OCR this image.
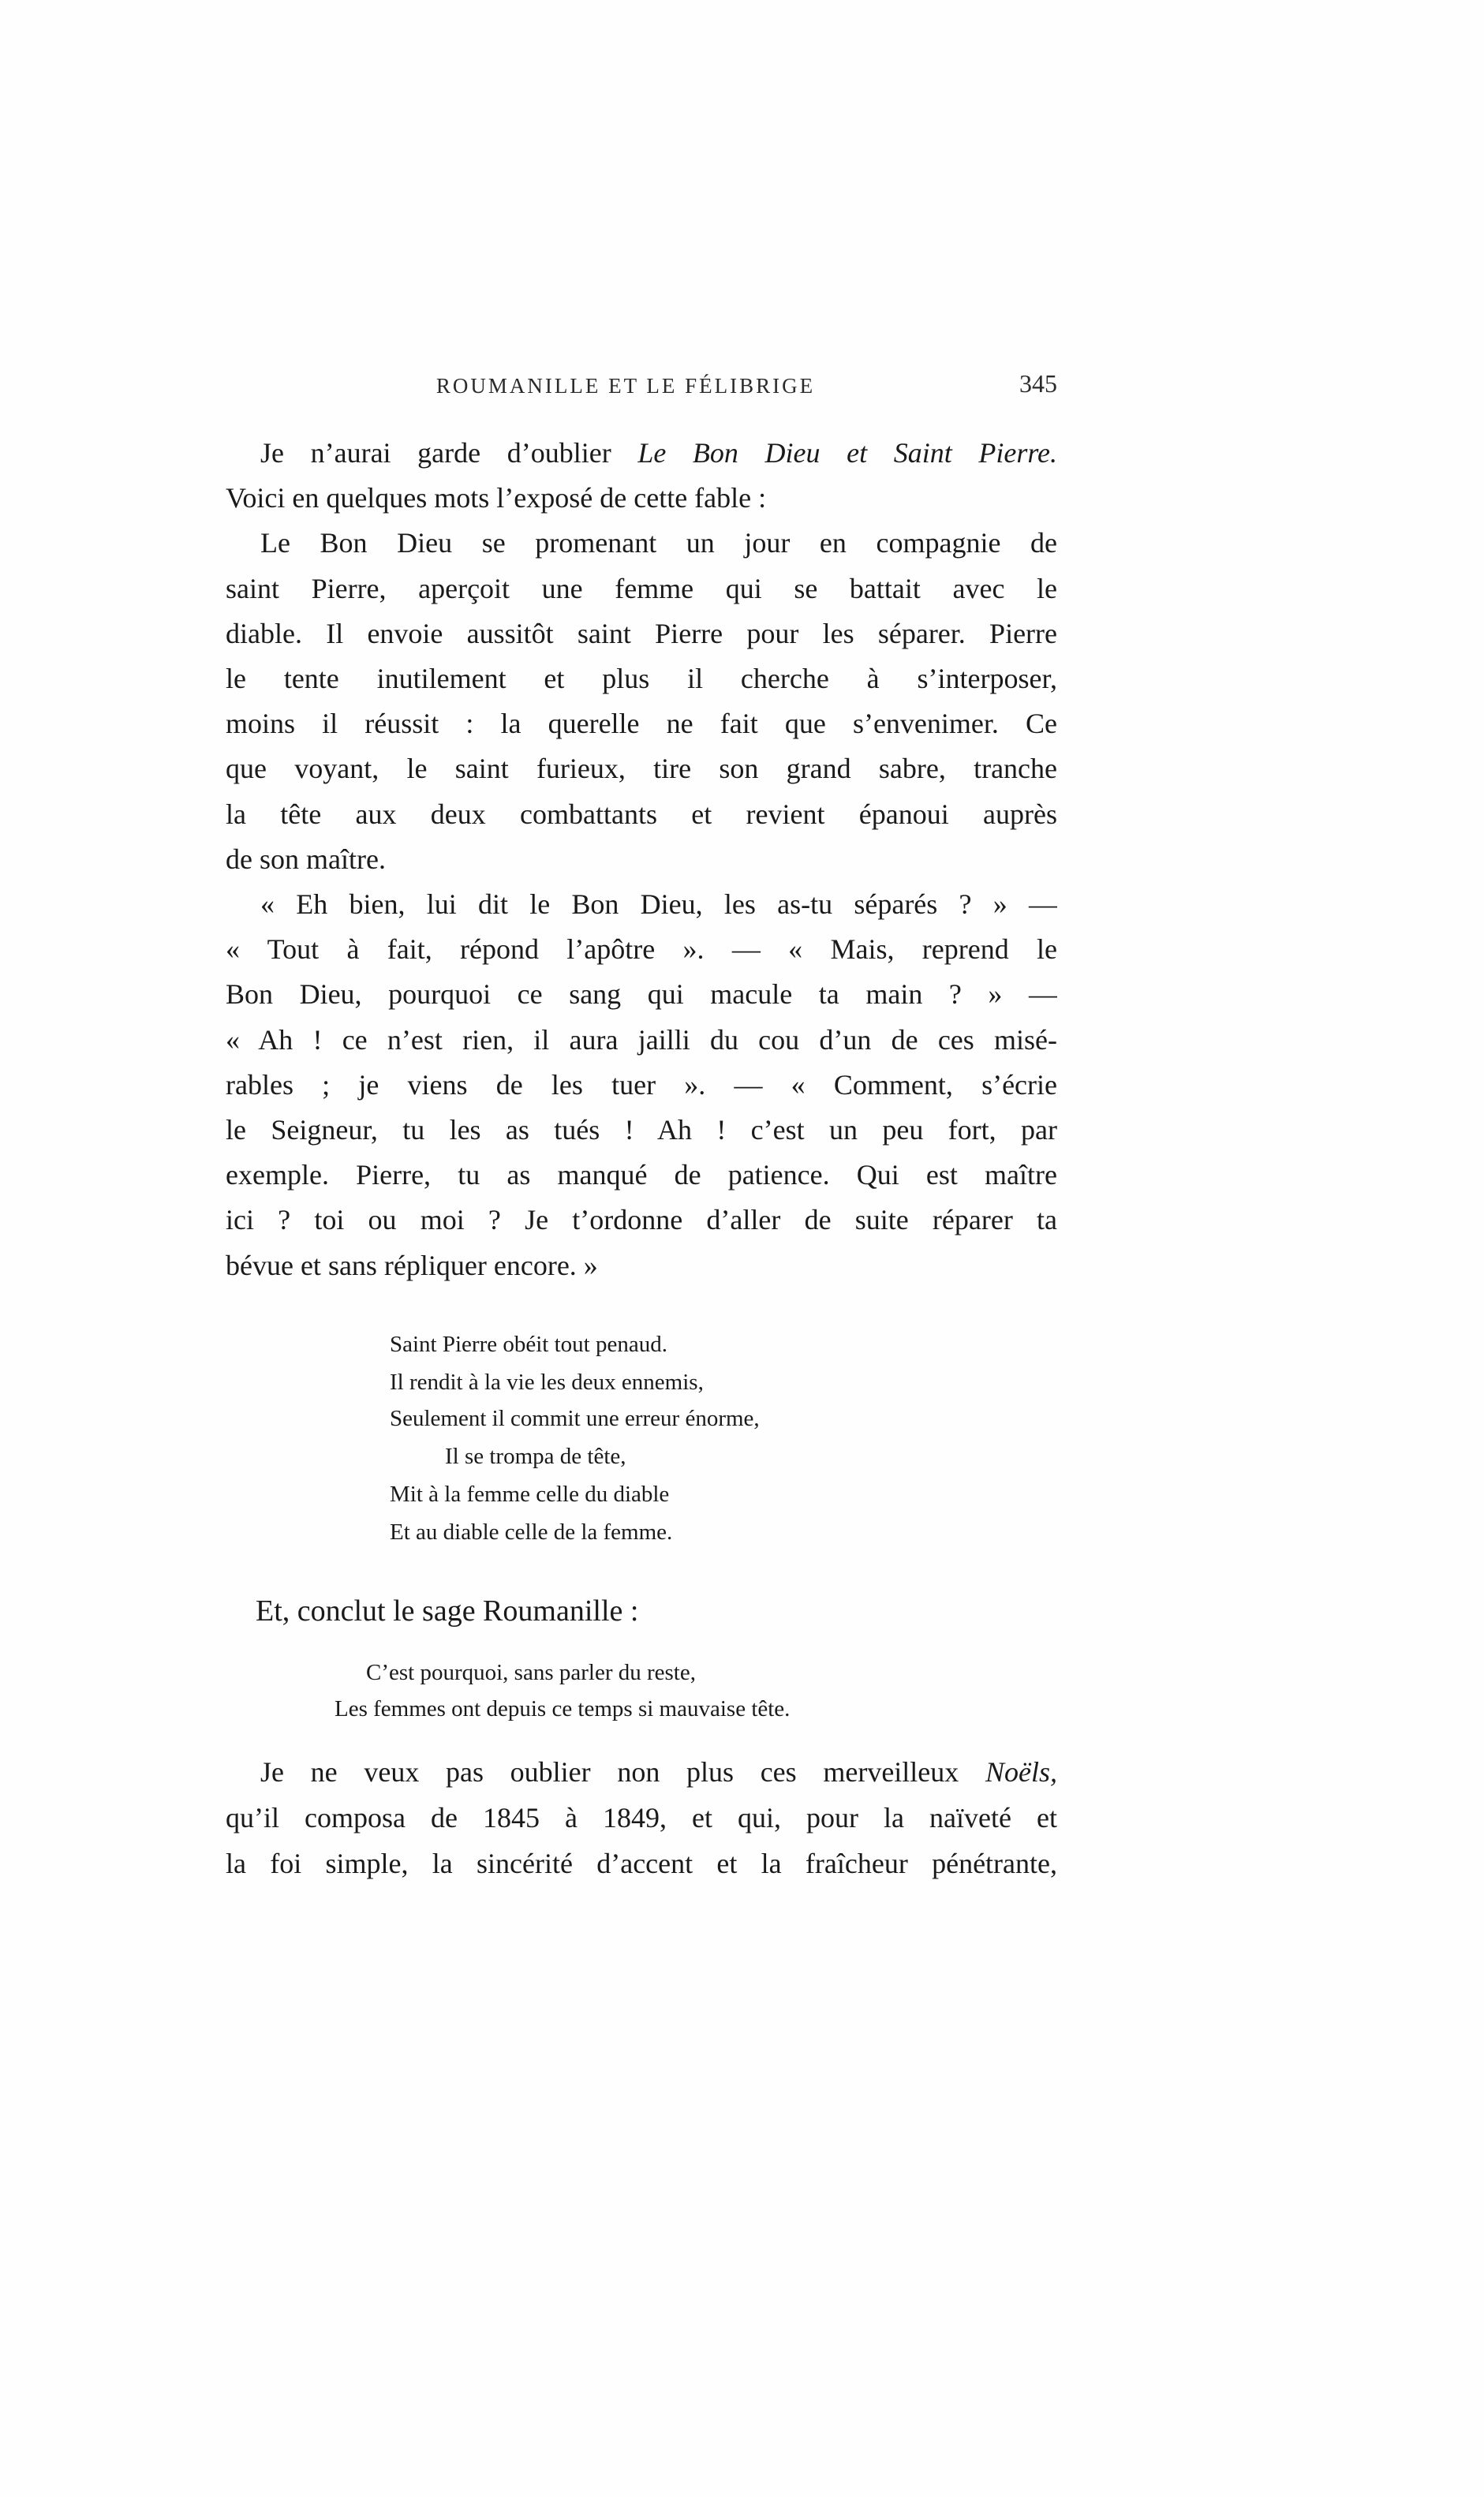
ROUMANILLE ET LE FÉLIBRIGE	345
Je n’aurai garde d’oublier Le Bon Dieu et Saint Pierre.
Voici en quelques mots l’exposé de cette fable :
Le Bon Dieu se promenant un jour en compagnie de
saint Pierre, aperçoit une femme qui se battait avec le
diable. Il envoie aussitôt saint Pierre pour les séparer. Pierre
le tente inutilement et plus il cherche à s’interposer,
moins il réussit : la querelle ne fait que s’envenimer. Ce
que voyant, le saint furieux, tire son grand sabre, tranche
la tête aux deux combattants et revient épanoui auprès
de son maître.
« Eh bien, lui dit le Bon Dieu, les as-tu séparés ? » —
« Tout à fait, répond l’apôtre ». — « Mais, reprend le
Bon Dieu, pourquoi ce sang qui macule ta main ? » —
« Ah ! ce n’est rien, il aura jailli du cou d’un de ces misé-
rables ; je viens de les tuer ». — « Comment, s’écrie
le Seigneur, tu les as tués ! Ah ! c’est un peu fort, par
exemple. Pierre, tu as manqué de patience. Qui est maître
ici ? toi ou moi ? Je t’ordonne d’aller de suite réparer ta
bévue et sans répliquer encore. »
Saint Pierre obéit tout penaud.
Il rendit à la vie les deux ennemis,
Seulement il commit une erreur énorme,
Il se trompa de tête,
Mit à la femme celle du diable
Et au diable celle de la femme.
Et, conclut le sage Roumanille :
C’est pourquoi, sans parler du reste,
Les femmes ont depuis ce temps si mauvaise tête.
Je ne veux pas oublier non plus ces merveilleux Noëls,
qu’il composa de 1845 à 1849, et qui, pour la naïveté et
la foi simple, la sincérité d’accent et la fraîcheur pénétrante,
